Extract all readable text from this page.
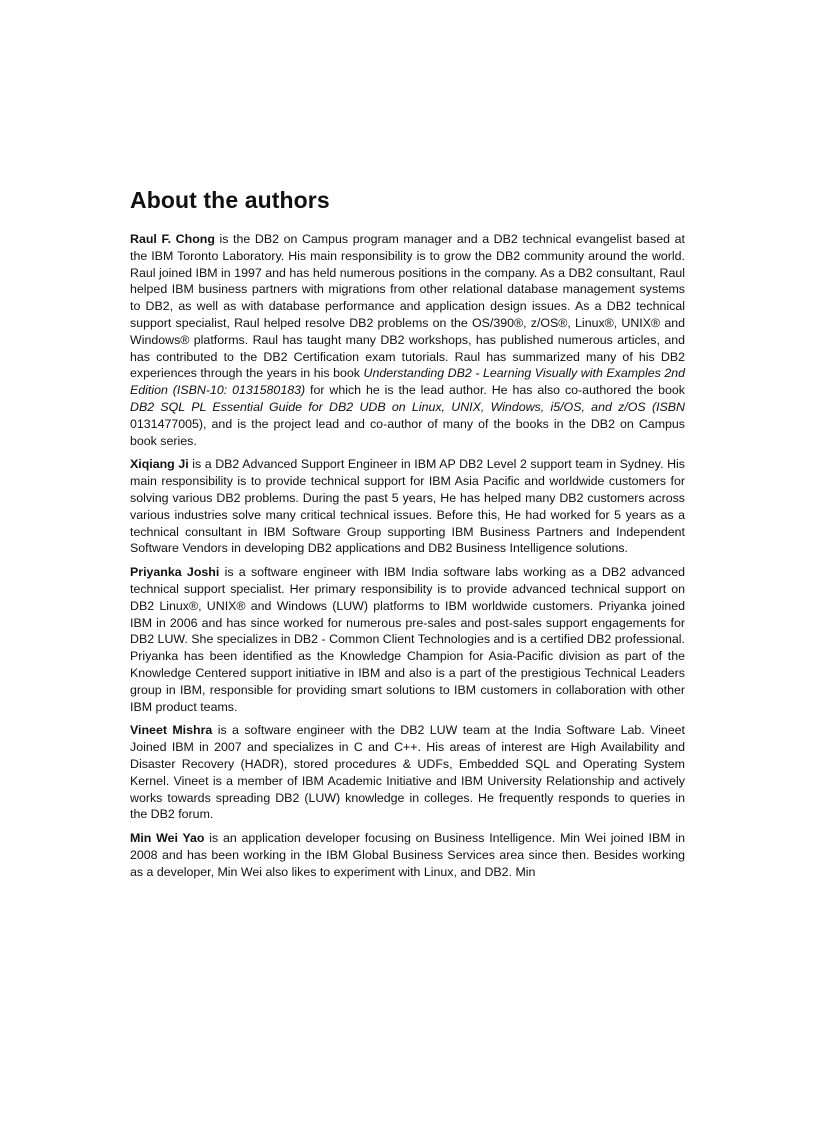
About the authors

Raul F. Chong is the DB2 on Campus program manager and a DB2 technical evangelist based at the IBM Toronto Laboratory. His main responsibility is to grow the DB2 community around the world. Raul joined IBM in 1997 and has held numerous positions in the company. As a DB2 consultant, Raul helped IBM business partners with migrations from other relational database management systems to DB2, as well as with database performance and application design issues. As a DB2 technical support specialist, Raul helped resolve DB2 problems on the OS/390®, z/OS®, Linux®, UNIX® and Windows® platforms. Raul has taught many DB2 workshops, has published numerous articles, and has contributed to the DB2 Certification exam tutorials. Raul has summarized many of his DB2 experiences through the years in his book Understanding DB2 - Learning Visually with Examples 2nd Edition (ISBN-10: 0131580183) for which he is the lead author. He has also co-authored the book DB2 SQL PL Essential Guide for DB2 UDB on Linux, UNIX, Windows, i5/OS, and z/OS (ISBN 0131477005), and is the project lead and co-author of many of the books in the DB2 on Campus book series.

Xiqiang Ji is a DB2 Advanced Support Engineer in IBM AP DB2 Level 2 support team in Sydney. His main responsibility is to provide technical support for IBM Asia Pacific and worldwide customers for solving various DB2 problems. During the past 5 years, He has helped many DB2 customers across various industries solve many critical technical issues. Before this, He had worked for 5 years as a technical consultant in IBM Software Group supporting IBM Business Partners and Independent Software Vendors in developing DB2 applications and DB2 Business Intelligence solutions.

Priyanka Joshi is a software engineer with IBM India software labs working as a DB2 advanced technical support specialist. Her primary responsibility is to provide advanced technical support on DB2 Linux®, UNIX® and Windows (LUW) platforms to IBM worldwide customers. Priyanka joined IBM in 2006 and has since worked for numerous pre-sales and post-sales support engagements for DB2 LUW. She specializes in DB2 - Common Client Technologies and is a certified DB2 professional. Priyanka has been identified as the Knowledge Champion for Asia-Pacific division as part of the Knowledge Centered support initiative in IBM and also is a part of the prestigious Technical Leaders group in IBM, responsible for providing smart solutions to IBM customers in collaboration with other IBM product teams.

Vineet Mishra is a software engineer with the DB2 LUW team at the India Software Lab. Vineet Joined IBM in 2007 and specializes in C and C++. His areas of interest are High Availability and Disaster Recovery (HADR), stored procedures & UDFs, Embedded SQL and Operating System Kernel. Vineet is a member of IBM Academic Initiative and IBM University Relationship and actively works towards spreading DB2 (LUW) knowledge in colleges. He frequently responds to queries in the DB2 forum.

Min Wei Yao is an application developer focusing on Business Intelligence. Min Wei joined IBM in 2008 and has been working in the IBM Global Business Services area since then. Besides working as a developer, Min Wei also likes to experiment with Linux, and DB2. Min
